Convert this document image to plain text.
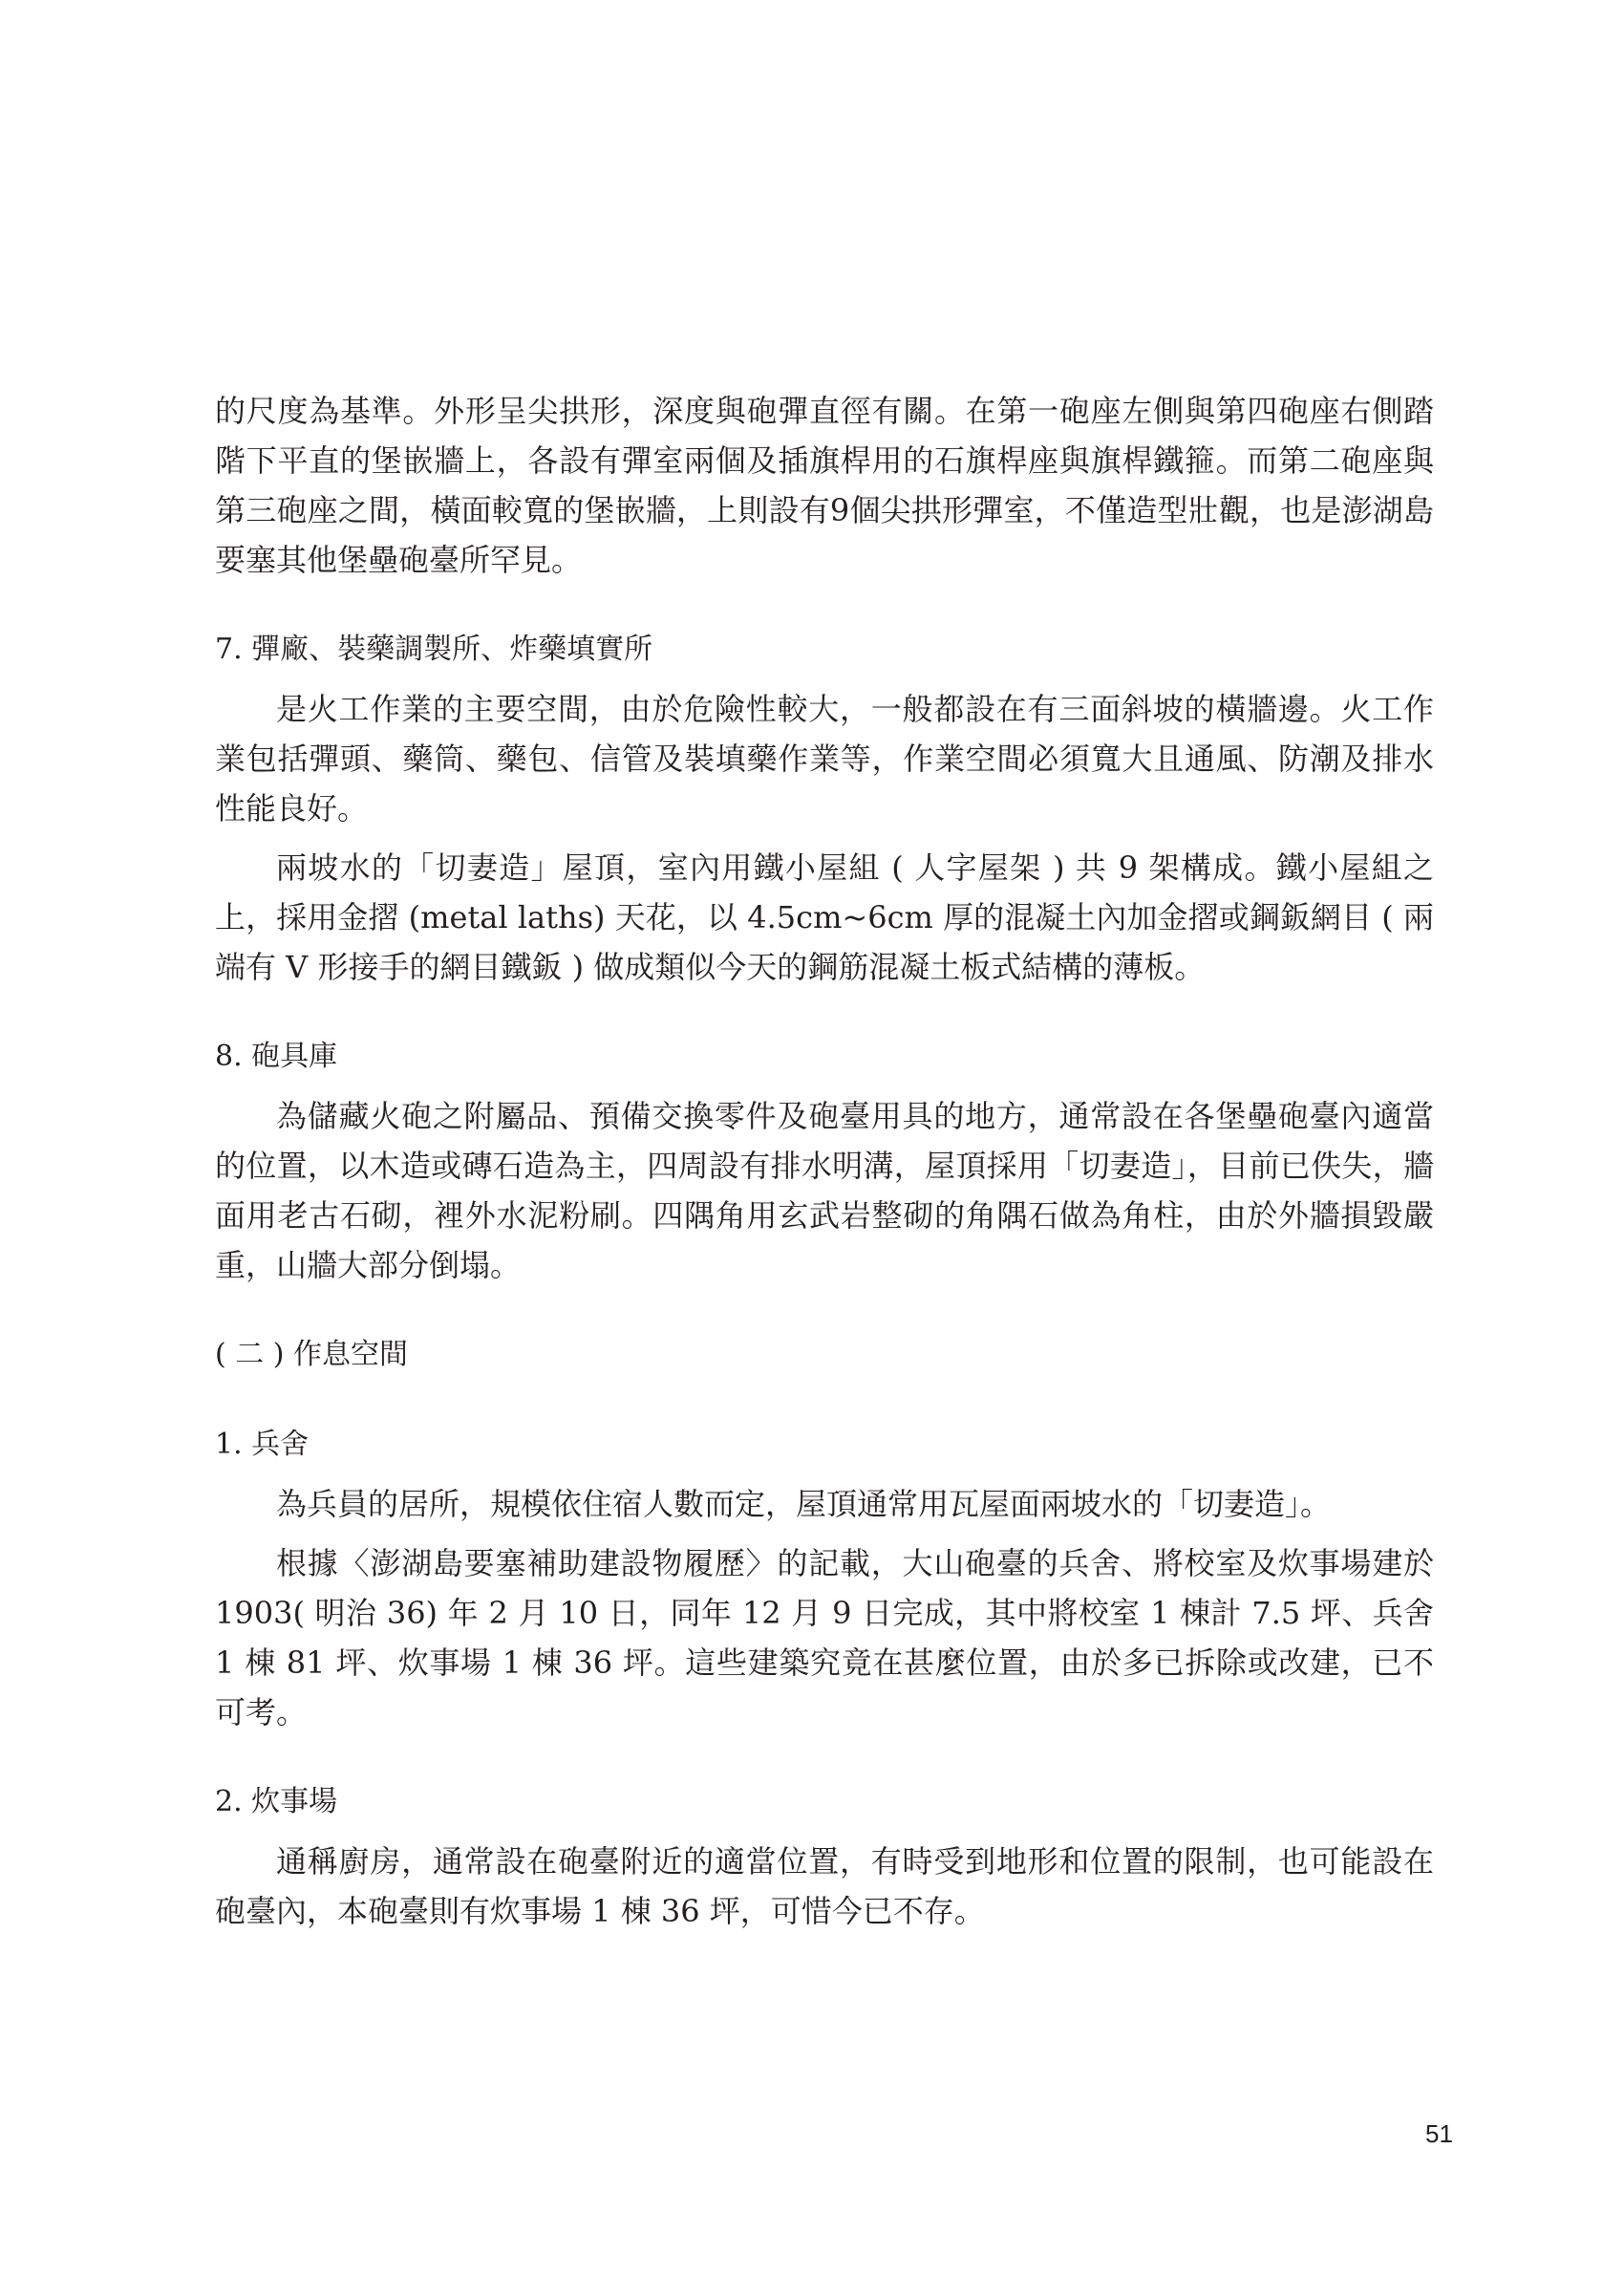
的尺度為基準。外形呈尖拱形，深度與砲彈直徑有關。在第一砲座左側與第四砲座右側踏階下平直的堡嵌牆上，各設有彈室兩個及插旗桿用的石旗桿座與旗桿鐵箍。而第二砲座與第三砲座之間，橫面較寬的堡嵌牆，上則設有9個尖拱形彈室，不僅造型壯觀，也是澎湖島要塞其他堡壘砲臺所罕見。

7. 彈廠、裝藥調製所、炸藥填實所

是火工作業的主要空間，由於危險性較大，一般都設在有三面斜坡的橫牆邊。火工作業包括彈頭、藥筒、藥包、信管及裝填藥作業等，作業空間必須寬大且通風、防潮及排水性能良好。

兩坡水的「切妻造」屋頂，室內用鐵小屋組 ( 人字屋架 ) 共 9 架構成。鐵小屋組之上，採用金摺 (metal laths) 天花，以 4.5cm~6cm 厚的混凝土內加金摺或鋼鈑網目 ( 兩端有 V 形接手的網目鐵鈑 ) 做成類似今天的鋼筋混凝土板式結構的薄板。

8. 砲具庫

為儲藏火砲之附屬品、預備交換零件及砲臺用具的地方，通常設在各堡壘砲臺內適當的位置，以木造或磚石造為主，四周設有排水明溝，屋頂採用「切妻造」，目前已佚失，牆面用老古石砌，裡外水泥粉刷。四隅角用玄武岩整砌的角隅石做為角柱，由於外牆損毀嚴重，山牆大部分倒塌。

( 二 ) 作息空間
1. 兵舍

為兵員的居所，規模依住宿人數而定，屋頂通常用瓦屋面兩坡水的「切妻造」。

根據〈澎湖島要塞補助建設物履歷〉的記載，大山砲臺的兵舍、將校室及炊事場建於 1903( 明治 36) 年 2 月 10 日，同年 12 月 9 日完成，其中將校室 1 棟計 7.5 坪、兵舍 1 棟 81 坪、炊事場 1 棟 36 坪。這些建築究竟在甚麼位置，由於多已拆除或改建，已不可考。

2. 炊事場

通稱廚房，通常設在砲臺附近的適當位置，有時受到地形和位置的限制，也可能設在砲臺內，本砲臺則有炊事場 1 棟 36 坪，可惜今已不存。

51
